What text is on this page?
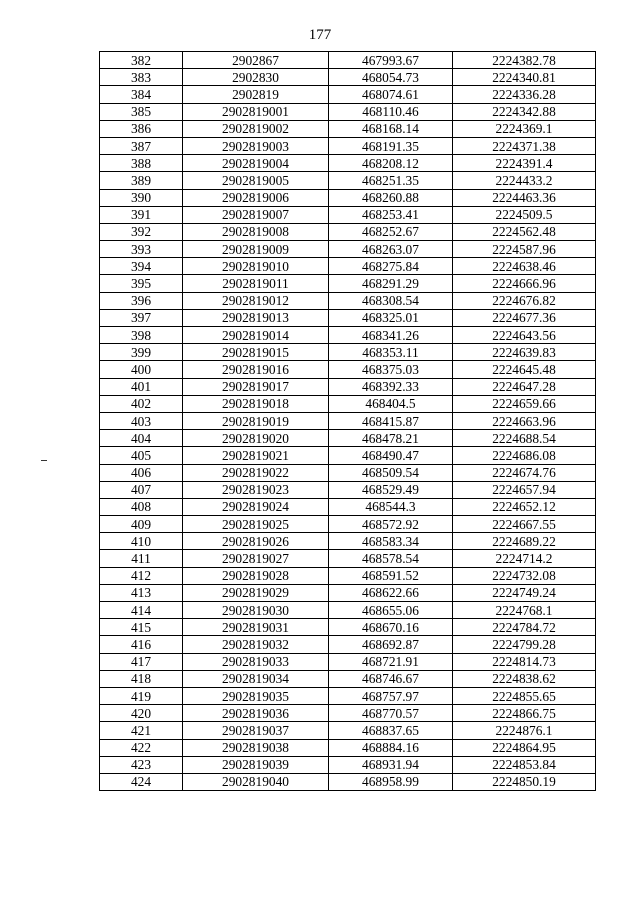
177
382	2902867	467993.67	2224382.78
383	2902830	468054.73	2224340.81
384	2902819	468074.61	2224336.28
385	2902819001	468110.46	2224342.88
386	2902819002	468168.14	2224369.1
387	2902819003	468191.35	2224371.38
388	2902819004	468208.12	2224391.4
389	2902819005	468251.35	2224433.2
390	2902819006	468260.88	2224463.36
391	2902819007	468253.41	2224509.5
392	2902819008	468252.67	2224562.48
393	2902819009	468263.07	2224587.96
394	2902819010	468275.84	2224638.46
395	2902819011	468291.29	2224666.96
396	2902819012	468308.54	2224676.82
397	2902819013	468325.01	2224677.36
398	2902819014	468341.26	2224643.56
399	2902819015	468353.11	2224639.83
400	2902819016	468375.03	2224645.48
401	2902819017	468392.33	2224647.28
402	2902819018	468404.5	2224659.66
403	2902819019	468415.87	2224663.96
404	2902819020	468478.21	2224688.54
405	2902819021	468490.47	2224686.08
406	2902819022	468509.54	2224674.76
407	2902819023	468529.49	2224657.94
408	2902819024	468544.3	2224652.12
409	2902819025	468572.92	2224667.55
410	2902819026	468583.34	2224689.22
411	2902819027	468578.54	2224714.2
412	2902819028	468591.52	2224732.08
413	2902819029	468622.66	2224749.24
414	2902819030	468655.06	2224768.1
415	2902819031	468670.16	2224784.72
416	2902819032	468692.87	2224799.28
417	2902819033	468721.91	2224814.73
418	2902819034	468746.67	2224838.62
419	2902819035	468757.97	2224855.65
420	2902819036	468770.57	2224866.75
421	2902819037	468837.65	2224876.1
422	2902819038	468884.16	2224864.95
423	2902819039	468931.94	2224853.84
424	2902819040	468958.99	2224850.19
